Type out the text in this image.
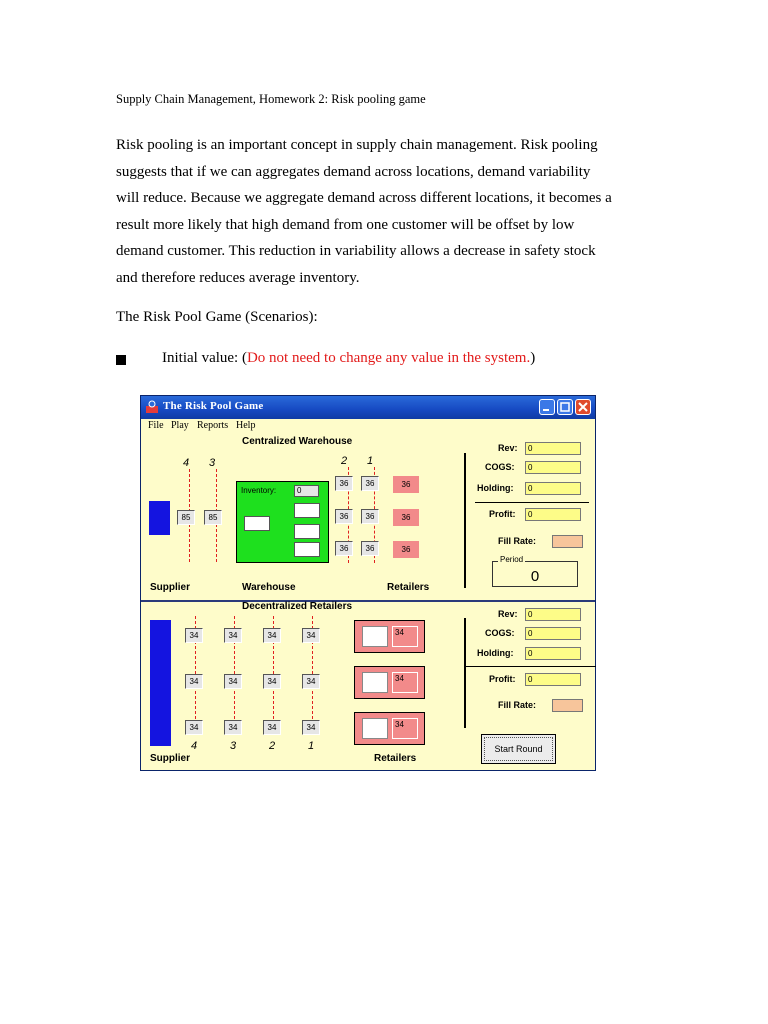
Supply Chain Management, Homework 2: Risk pooling game
Risk pooling is an important concept in supply chain management. Risk pooling
suggests that if we can aggregates demand across locations, demand variability
will reduce. Because we aggregate demand across different locations, it becomes a
result more likely that high demand from one customer will be offset by low
demand customer. This reduction in variability allows a decrease in safety stock
and therefore reduces average inventory.
The Risk Pool Game (Scenarios):
Initial value: (Do not need to change any value in the system.)
The Risk Pool Game
File Play Reports Help
Centralized Warehouse
4 3	2 1
85	85
Inventory:	0
36	36	36
36	36	36
36	36	36
Supplier	Warehouse	Retailers
Rev:	0
COGS:	0
Holding:	0
Profit:	0
Fill Rate:
Period
0
Decentralized Retailers
34	34	34	34
34	34	34	34
34	34	34	34
4	3	2	1
34
34
34
Supplier	Retailers
Rev:	0
COGS:	0
Holding:	0
Profit:	0
Fill Rate:
Start Round
